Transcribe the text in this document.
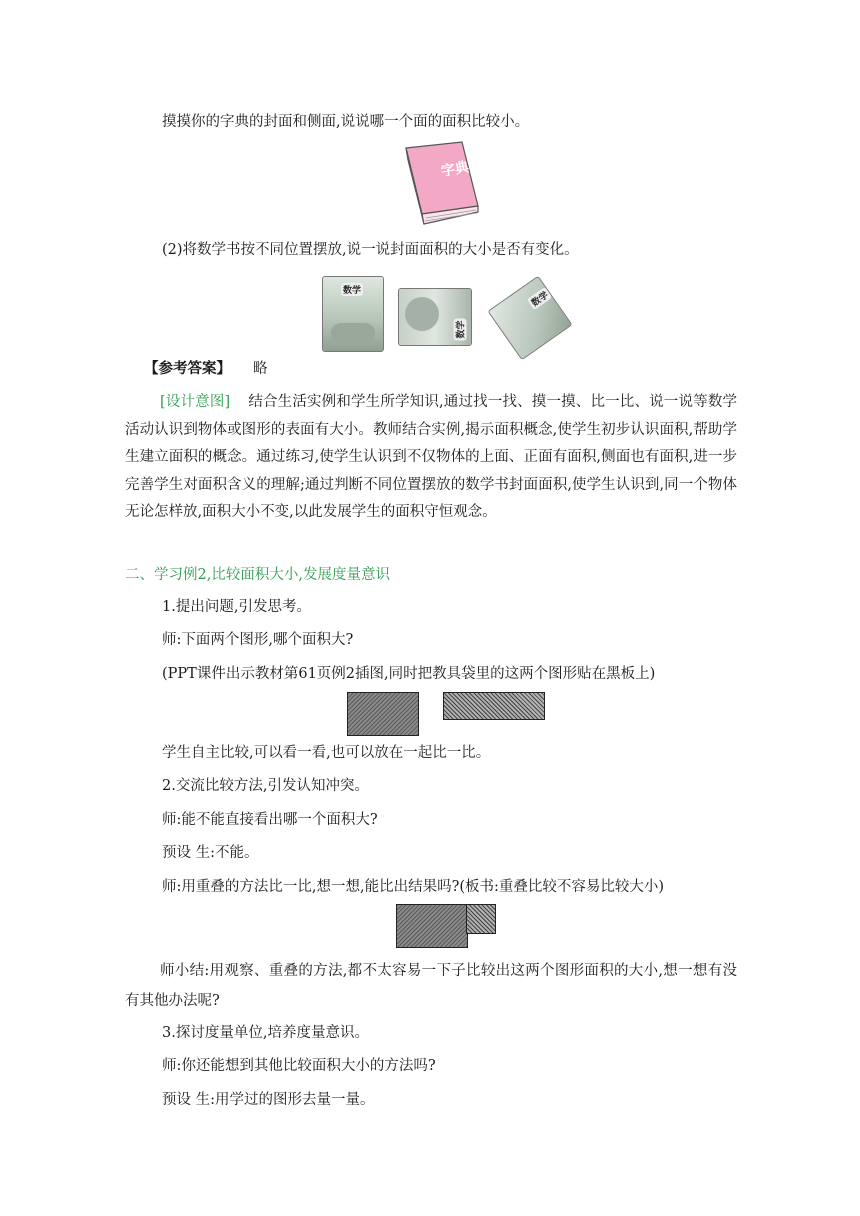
摸摸你的字典的封面和侧面,说说哪一个面的面积比较小。
字典
(2)将数学书按不同位置摆放,说一说封面面积的大小是否有变化。
数学
数学
数学
【参考答案】 略
[设计意图] 结合生活实例和学生所学知识,通过找一找、摸一摸、比一比、说一说等数学活动认识到物体或图形的表面有大小。教师结合实例,揭示面积概念,使学生初步认识面积,帮助学生建立面积的概念。通过练习,使学生认识到不仅物体的上面、正面有面积,侧面也有面积,进一步完善学生对面积含义的理解;通过判断不同位置摆放的数学书封面面积,使学生认识到,同一个物体无论怎样放,面积大小不变,以此发展学生的面积守恒观念。
二、学习例2,比较面积大小,发展度量意识
1.提出问题,引发思考。
师:下面两个图形,哪个面积大?
(PPT课件出示教材第61页例2插图,同时把教具袋里的这两个图形贴在黑板上)
学生自主比较,可以看一看,也可以放在一起比一比。
2.交流比较方法,引发认知冲突。
师:能不能直接看出哪一个面积大?
预设 生:不能。
师:用重叠的方法比一比,想一想,能比出结果吗?(板书:重叠比较不容易比较大小)
师小结:用观察、重叠的方法,都不太容易一下子比较出这两个图形面积的大小,想一想有没有其他办法呢?
3.探讨度量单位,培养度量意识。
师:你还能想到其他比较面积大小的方法吗?
预设 生:用学过的图形去量一量。
